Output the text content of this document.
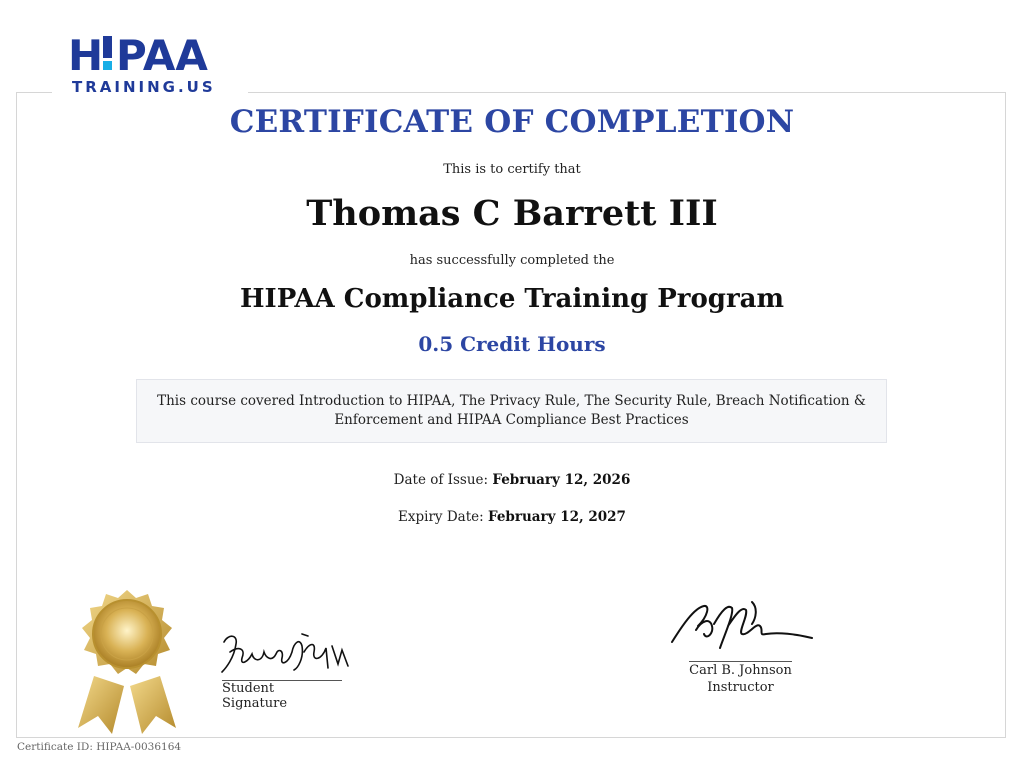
H PAA
TRAINING.US
CERTIFICATE OF COMPLETION
This is to certify that
Thomas C Barrett III
has successfully completed the
HIPAA Compliance Training Program
0.5 Credit Hours
This course covered Introduction to HIPAA, The Privacy Rule, The Security Rule, Breach Notification &
Enforcement and HIPAA Compliance Best Practices
Date of Issue: February 12, 2026
Expiry Date: February 12, 2027
Student Signature
Carl B. Johnson
Instructor
Certificate ID: HIPAA-0036164
